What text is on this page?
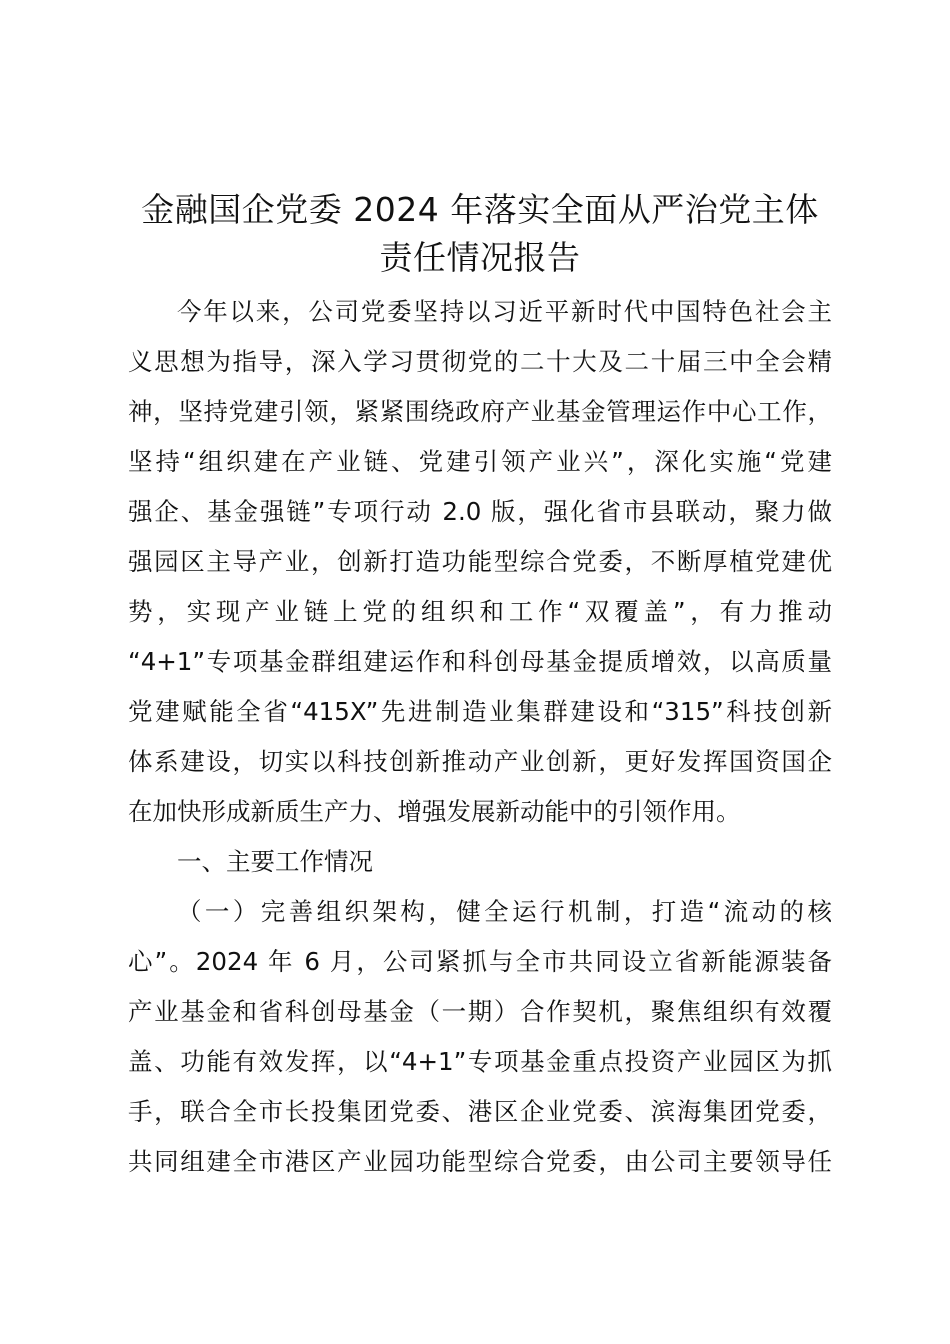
金融国企党委 2024 年落实全面从严治党主体
责任情况报告
今年以来，公司党委坚持以习近平新时代中国特色社会主
义思想为指导，深入学习贯彻党的二十大及二十届三中全会精
神，坚持党建引领，紧紧围绕政府产业基金管理运作中心工作，
坚持“组织建在产业链、党建引领产业兴”，深化实施“党建
强企、基金强链”专项行动 2.0 版，强化省市县联动，聚力做
强园区主导产业，创新打造功能型综合党委，不断厚植党建优
势，实现产业链上党的组织和工作“双覆盖”，有力推动
“4+1”专项基金群组建运作和科创母基金提质增效，以高质量
党建赋能全省“415X”先进制造业集群建设和“315”科技创新
体系建设，切实以科技创新推动产业创新，更好发挥国资国企
在加快形成新质生产力、增强发展新动能中的引领作用。
一、主要工作情况
（一）完善组织架构，健全运行机制，打造“流动的核
心”。2024 年 6 月，公司紧抓与全市共同设立省新能源装备
产业基金和省科创母基金（一期）合作契机，聚焦组织有效覆
盖、功能有效发挥，以“4+1”专项基金重点投资产业园区为抓
手，联合全市长投集团党委、港区企业党委、滨海集团党委，
共同组建全市港区产业园功能型综合党委，由公司主要领导任
